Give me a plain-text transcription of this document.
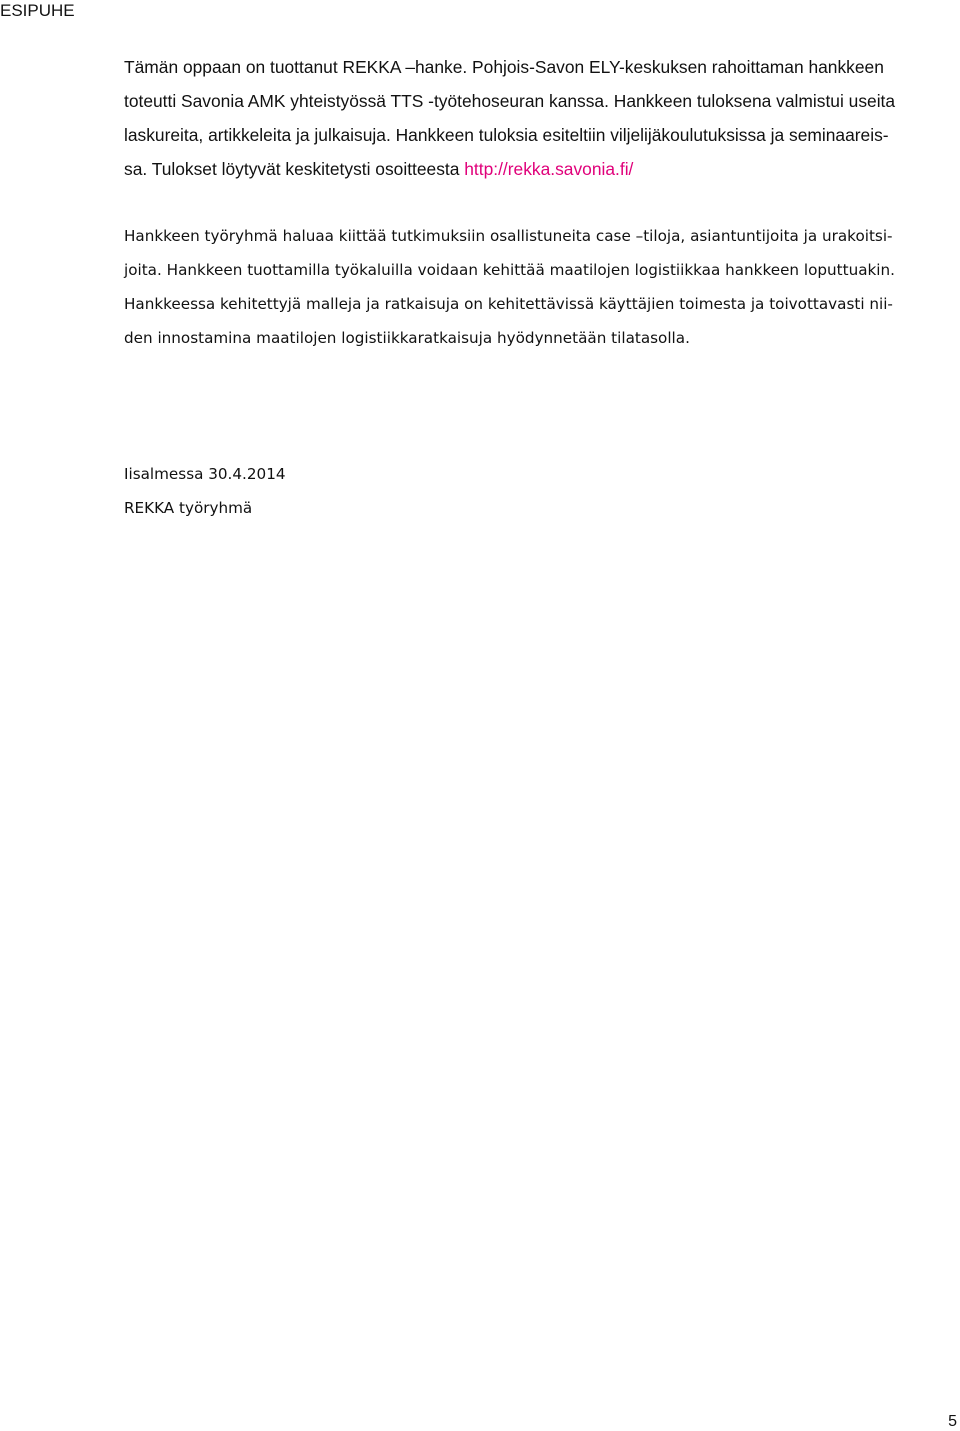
ESIPUHE
Tämän oppaan on tuottanut REKKA –hanke. Pohjois-Savon ELY-keskuksen rahoittaman hankkeen
toteutti Savonia AMK yhteistyössä TTS -työtehoseuran kanssa. Hankkeen tuloksena valmistui useita
laskureita, artikkeleita ja julkaisuja. Hankkeen tuloksia esiteltiin viljelijäkoulutuksissa ja seminaareis-
sa. Tulokset löytyvät keskitetysti osoitteesta http://rekka.savonia.fi/
Hankkeen työryhmä haluaa kiittää tutkimuksiin osallistuneita case –tiloja, asiantuntijoita ja urakoitsi-
joita. Hankkeen tuottamilla työkaluilla voidaan kehittää maatilojen logistiikkaa hankkeen loputtuakin.
Hankkeessa kehitettyjä malleja ja ratkaisuja on kehitettävissä käyttäjien toimesta ja toivottavasti nii-
den innostamina maatilojen logistiikkaratkaisuja hyödynnetään tilatasolla.
Iisalmessa 30.4.2014
REKKA työryhmä
5
